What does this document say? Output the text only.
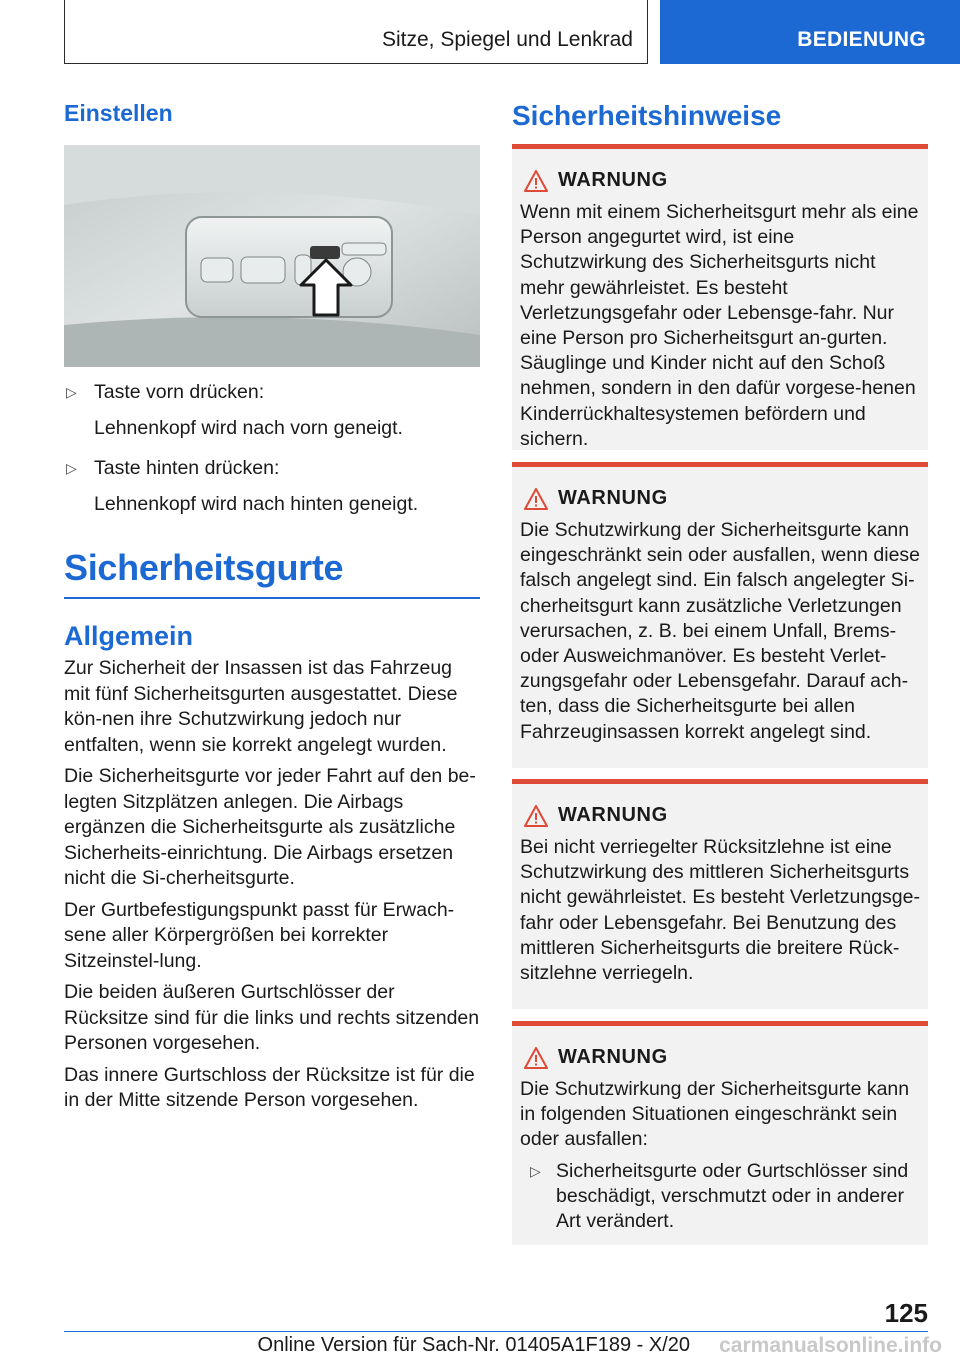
Sitze, Spiegel und Lenkrad	BEDIENUNG
Einstellen
▷ Taste vorn drücken:
Lehnenkopf wird nach vorn geneigt.
▷ Taste hinten drücken:
Lehnenkopf wird nach hinten geneigt.
Sicherheitsgurte
Allgemein

Zur Sicherheit der Insassen ist das Fahrzeug mit fünf Sicherheitsgurten ausgestattet. Diese kön-nen ihre Schutzwirkung jedoch nur entfalten, wenn sie korrekt angelegt wurden.

Die Sicherheitsgurte vor jeder Fahrt auf den be-legten Sitzplätzen anlegen. Die Airbags ergänzen die Sicherheitsgurte als zusätzliche Sicherheits-einrichtung. Die Airbags ersetzen nicht die Si-cherheitsgurte.

Der Gurtbefestigungspunkt passt für Erwach-sene aller Körpergrößen bei korrekter Sitzeinstel-lung.

Die beiden äußeren Gurtschlösser der Rücksitze sind für die links und rechts sitzenden Personen vorgesehen.

Das innere Gurtschloss der Rücksitze ist für die in der Mitte sitzende Person vorgesehen.

Sicherheitshinweise
WARNUNG

Wenn mit einem Sicherheitsgurt mehr als eine Person angegurtet wird, ist eine Schutzwirkung des Sicherheitsgurts nicht mehr gewährleistet. Es besteht Verletzungsgefahr oder Lebensge-fahr. Nur eine Person pro Sicherheitsgurt an-gurten. Säuglinge und Kinder nicht auf den Schoß nehmen, sondern in den dafür vorgese-henen Kinderrückhaltesystemen befördern und sichern.

WARNUNG

Die Schutzwirkung der Sicherheitsgurte kann eingeschränkt sein oder ausfallen, wenn diese falsch angelegt sind. Ein falsch angelegter Si-cherheitsgurt kann zusätzliche Verletzungen verursachen, z. B. bei einem Unfall, Brems-oder Ausweichmanöver. Es besteht Verlet-zungsgefahr oder Lebensgefahr. Darauf ach-ten, dass die Sicherheitsgurte bei allen Fahrzeuginsassen korrekt angelegt sind.

WARNUNG

Bei nicht verriegelter Rücksitzlehne ist eine Schutzwirkung des mittleren Sicherheitsgurts nicht gewährleistet. Es besteht Verletzungsge-fahr oder Lebensgefahr. Bei Benutzung des mittleren Sicherheitsgurts die breitere Rück-sitzlehne verriegeln.

WARNUNG

Die Schutzwirkung der Sicherheitsgurte kann in folgenden Situationen eingeschränkt sein oder ausfallen:

▷ Sicherheitsgurte oder Gurtschlösser sind beschädigt, verschmutzt oder in anderer Art verändert.
125
Online Version für Sach-Nr. 01405A1F189 - X/20 carmanualsonline.info
